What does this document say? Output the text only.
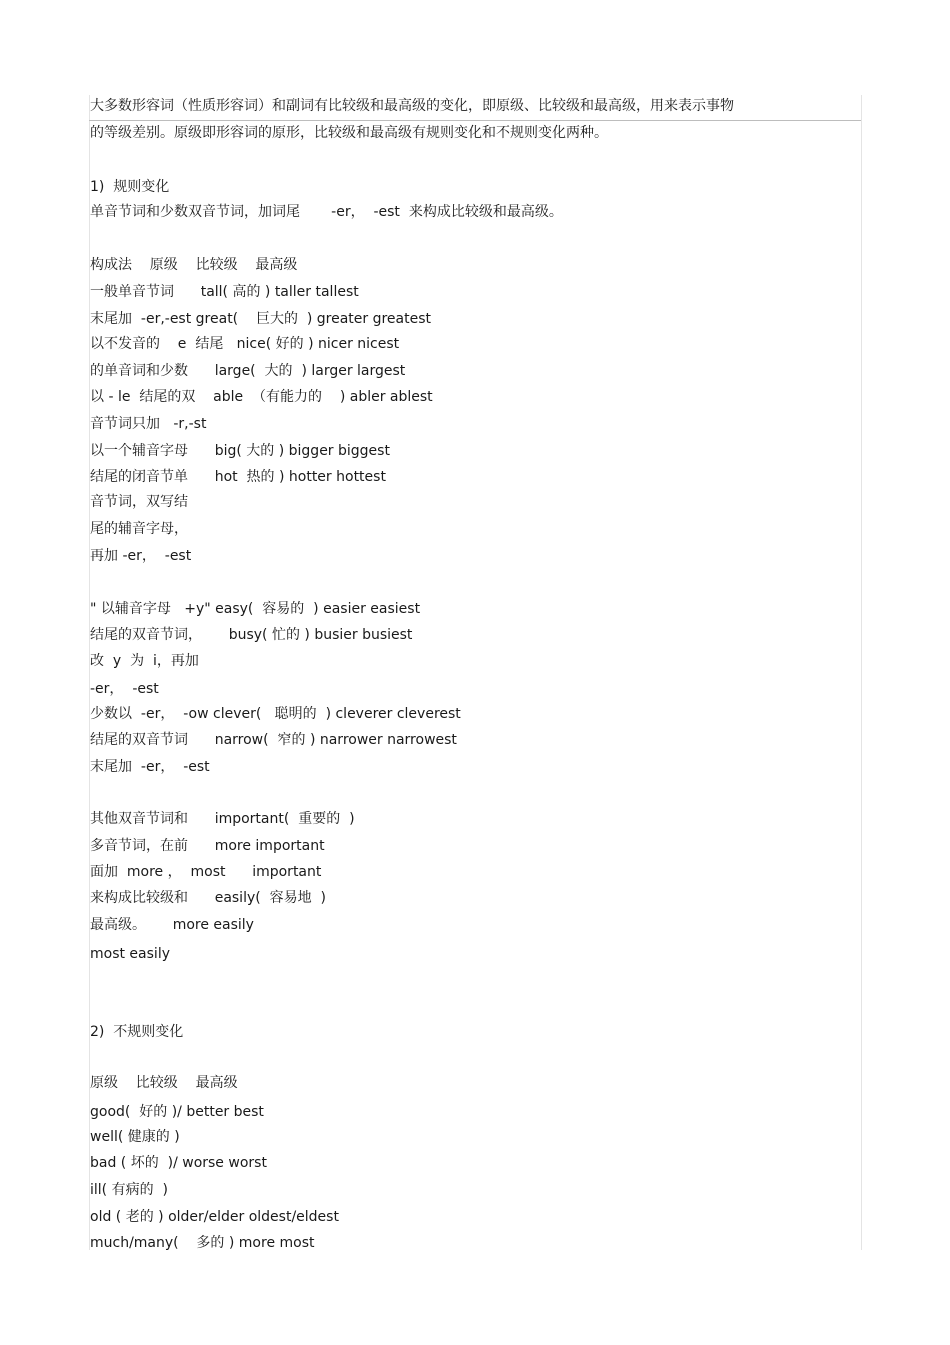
大多数形容词（性质形容词）和副词有比较级和最高级的变化，即原级、比较级和最高级，用来表示事物

的等级差别。原级即形容词的原形，比较级和最高级有规则变化和不规则变化两种。

1)  规则变化

单音节词和少数双音节词，加词尾       -er，  -est  来构成比较级和最高级。

构成法    原级    比较级    最高级

一般单音节词      tall( 高的 ) taller tallest

末尾加  -er,-est great(    巨大的  ) greater greatest

以不发音的    e  结尾   nice( 好的 ) nicer nicest

的单音词和少数      large(  大的  ) larger largest

以 - le  结尾的双    able  （有能力的    ) abler ablest

音节词只加   -r,-st

以一个辅音字母      big( 大的 ) bigger biggest

结尾的闭音节单      hot  热的 ) hotter hottest

音节词，双写结

尾的辅音字母，

再加 -er，  -est

" 以辅音字母   +y" easy(  容易的  ) easier easiest

结尾的双音节词，      busy( 忙的 ) busier busiest

改  y  为  i，再加

-er，  -est

少数以  -er，  -ow clever(   聪明的  ) cleverer cleverest

结尾的双音节词      narrow(  窄的 ) narrower narrowest

末尾加  -er，  -est

其他双音节词和      important(  重要的  )

多音节词，在前      more important

面加  more ，  most      important

来构成比较级和      easily(  容易地  )

最高级。      more easily

most easily

2)  不规则变化

原级    比较级    最高级

good(  好的 )/ better best

well( 健康的 )

bad ( 坏的  )/ worse worst

ill( 有病的  )

old ( 老的 ) older/elder oldest/eldest

much/many(    多的 ) more most
